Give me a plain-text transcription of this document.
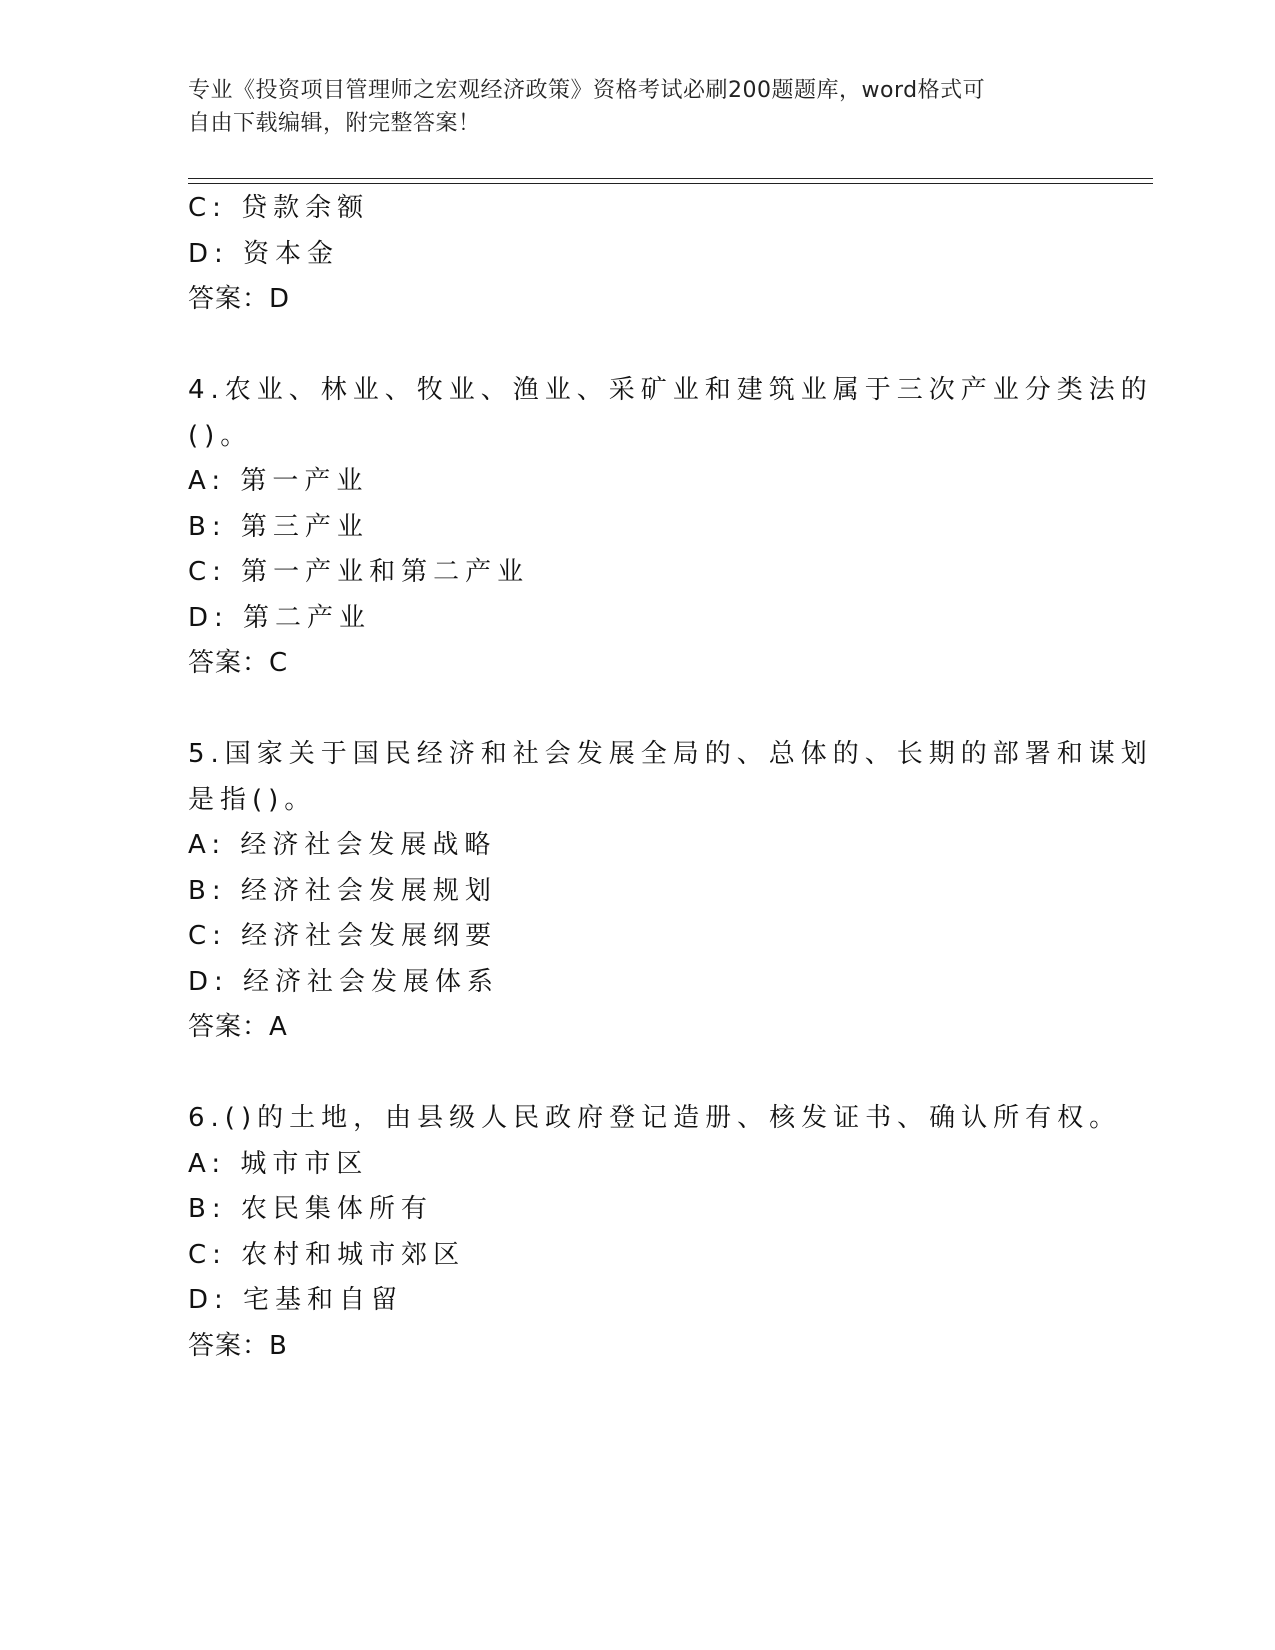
专业《投资项目管理师之宏观经济政策》资格考试必刷200题题库，word格式可
自由下载编辑，附完整答案！

C: 贷款余额

D: 资本金

答案：D

4.农业、林业、牧业、渔业、采矿业和建筑业属于三次产业分类法的

()。

A: 第一产业

B: 第三产业

C: 第一产业和第二产业

D: 第二产业

答案：C

5.国家关于国民经济和社会发展全局的、总体的、长期的部署和谋划

是指()。

A: 经济社会发展战略

B: 经济社会发展规划

C: 经济社会发展纲要

D: 经济社会发展体系

答案：A

6.()的土地，由县级人民政府登记造册、核发证书、确认所有权。

A: 城市市区

B: 农民集体所有

C: 农村和城市郊区

D: 宅基和自留

答案：B
